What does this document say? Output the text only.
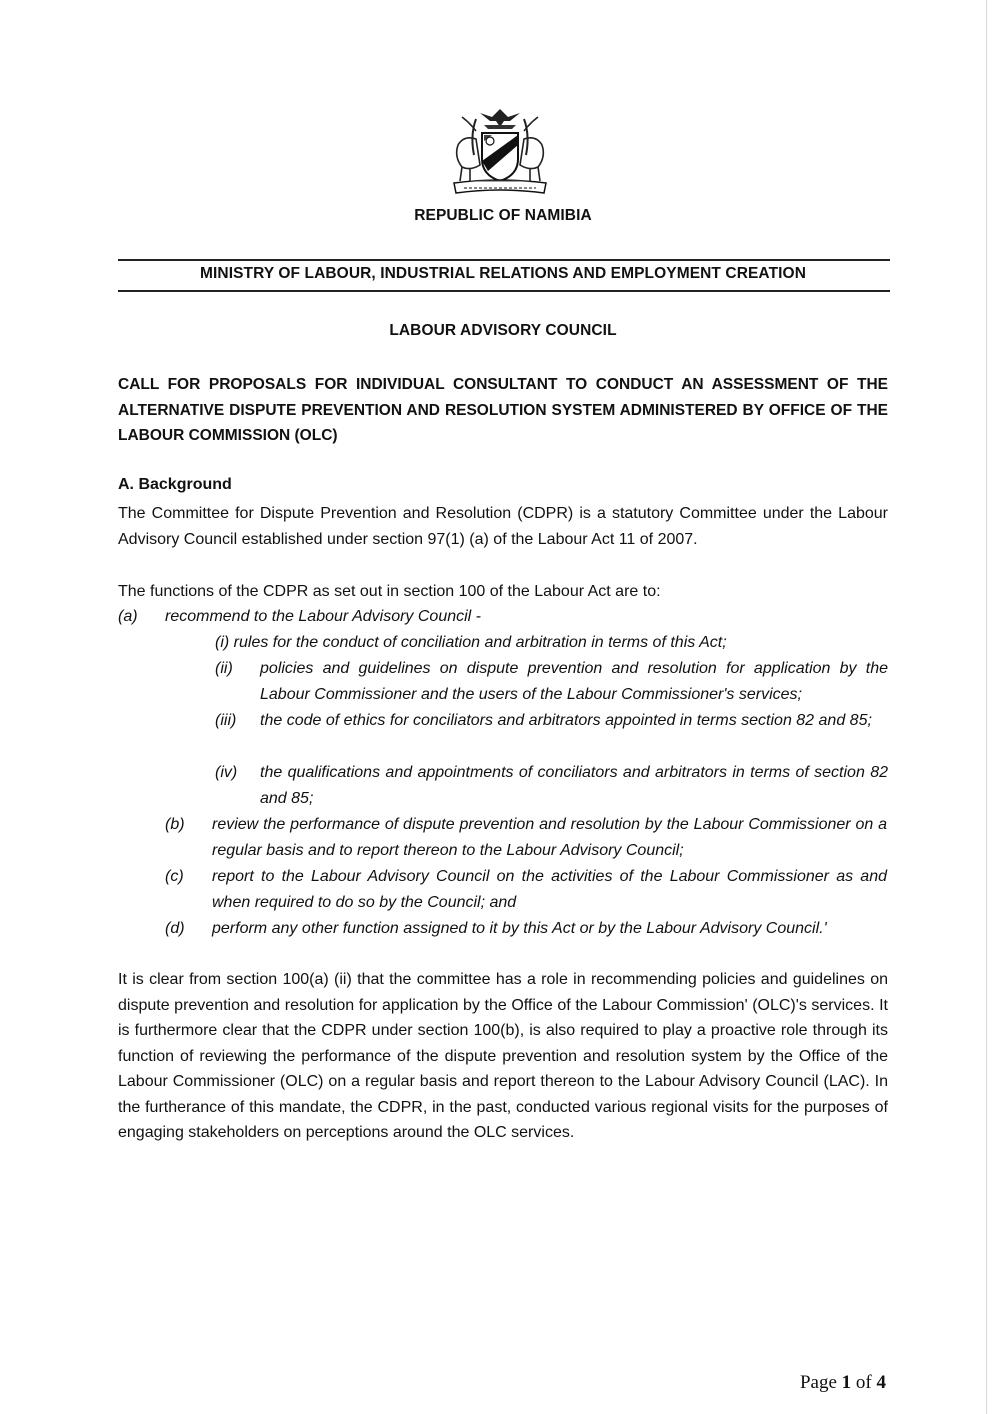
REPUBLIC OF NAMIBIA
MINISTRY OF LABOUR, INDUSTRIAL RELATIONS AND EMPLOYMENT CREATION
LABOUR ADVISORY COUNCIL
CALL FOR PROPOSALS FOR INDIVIDUAL CONSULTANT TO CONDUCT AN ASSESSMENT OF THE ALTERNATIVE DISPUTE PREVENTION AND RESOLUTION SYSTEM ADMINISTERED BY OFFICE OF THE LABOUR COMMISSION (OLC)
A. Background
The Committee for Dispute Prevention and Resolution (CDPR) is a statutory Committee under the Labour Advisory Council established under section 97(1) (a) of the Labour Act 11 of 2007.
The functions of the CDPR as set out in section 100 of the Labour Act are to:
(a) recommend to the Labour Advisory Council -
(i) rules for the conduct of conciliation and arbitration in terms of this Act;
(ii) policies and guidelines on dispute prevention and resolution for application by the Labour Commissioner and the users of the Labour Commissioner's services;
(iii) the code of ethics for conciliators and arbitrators appointed in terms section 82 and 85;
(iv) the qualifications and appointments of conciliators and arbitrators in terms of section 82 and 85;
(b) review the performance of dispute prevention and resolution by the Labour Commissioner on a regular basis and to report thereon to the Labour Advisory Council;
(c) report to the Labour Advisory Council on the activities of the Labour Commissioner as and when required to do so by the Council; and
(d) perform any other function assigned to it by this Act or by the Labour Advisory Council.'
It is clear from section 100(a) (ii) that the committee has a role in recommending policies and guidelines on dispute prevention and resolution for application by the Office of the Labour Commission' (OLC)'s services. It is furthermore clear that the CDPR under section 100(b), is also required to play a proactive role through its function of reviewing the performance of the dispute prevention and resolution system by the Office of the Labour Commissioner (OLC) on a regular basis and report thereon to the Labour Advisory Council (LAC). In the furtherance of this mandate, the CDPR, in the past, conducted various regional visits for the purposes of engaging stakeholders on perceptions around the OLC services.
Page 1 of 4
